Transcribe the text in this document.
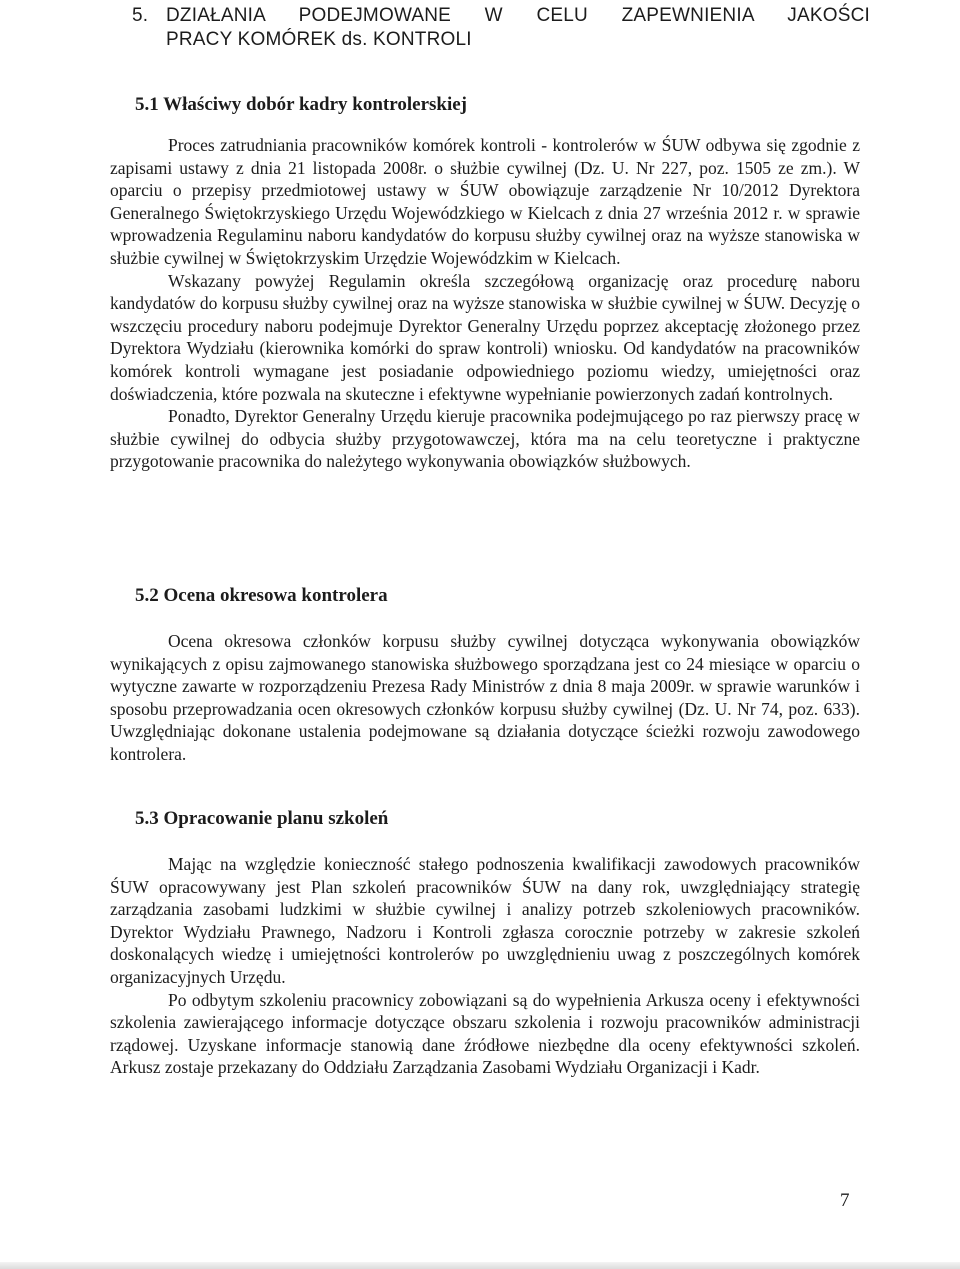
5. DZIAŁANIA PODEJMOWANE W CELU ZAPEWNIENIA JAKOŚCI
PRACY KOMÓREK ds. KONTROLI
5.1 Właściwy dobór kadry kontrolerskiej

Proces zatrudniania pracowników komórek kontroli - kontrolerów w ŚUW odbywa się zgodnie z zapisami ustawy z dnia 21 listopada 2008r. o służbie cywilnej (Dz. U. Nr 227, poz. 1505 ze zm.). W oparciu o przepisy przedmiotowej ustawy w ŚUW obowiązuje zarządzenie Nr 10/2012 Dyrektora Generalnego Świętokrzyskiego Urzędu Wojewódzkiego w Kielcach z dnia 27 września 2012 r. w sprawie wprowadzenia Regulaminu naboru kandydatów do korpusu służby cywilnej oraz na wyższe stanowiska w służbie cywilnej w Świętokrzyskim Urzędzie Wojewódzkim w Kielcach.

Wskazany powyżej Regulamin określa szczegółową organizację oraz procedurę naboru kandydatów do korpusu służby cywilnej oraz na wyższe stanowiska w służbie cywilnej w ŚUW. Decyzję o wszczęciu procedury naboru podejmuje Dyrektor Generalny Urzędu poprzez akceptację złożonego przez Dyrektora Wydziału (kierownika komórki do spraw kontroli) wniosku. Od kandydatów na pracowników komórek kontroli wymagane jest posiadanie odpowiedniego poziomu wiedzy, umiejętności oraz doświadczenia, które pozwala na skuteczne i efektywne wypełnianie powierzonych zadań kontrolnych.

Ponadto, Dyrektor Generalny Urzędu kieruje pracownika podejmującego po raz pierwszy pracę w służbie cywilnej do odbycia służby przygotowawczej, która ma na celu teoretyczne i praktyczne przygotowanie pracownika do należytego wykonywania obowiązków służbowych.

5.2 Ocena okresowa kontrolera

Ocena okresowa członków korpusu służby cywilnej dotycząca wykonywania obowiązków wynikających z opisu zajmowanego stanowiska służbowego sporządzana jest co 24 miesiące w oparciu o wytyczne zawarte w rozporządzeniu Prezesa Rady Ministrów z dnia 8 maja 2009r. w sprawie warunków i sposobu przeprowadzania ocen okresowych członków korpusu służby cywilnej (Dz. U. Nr 74, poz. 633). Uwzględniając dokonane ustalenia podejmowane są działania dotyczące ścieżki rozwoju zawodowego kontrolera.

5.3 Opracowanie planu szkoleń

Mając na względzie konieczność stałego podnoszenia kwalifikacji zawodowych pracowników ŚUW opracowywany jest Plan szkoleń pracowników ŚUW na dany rok, uwzględniający strategię zarządzania zasobami ludzkimi w służbie cywilnej i analizy potrzeb szkoleniowych pracowników. Dyrektor Wydziału Prawnego, Nadzoru i Kontroli zgłasza corocznie potrzeby w zakresie szkoleń doskonalących wiedzę i umiejętności kontrolerów po uwzględnieniu uwag z poszczególnych komórek organizacyjnych Urzędu.

Po odbytym szkoleniu pracownicy zobowiązani są do wypełnienia Arkusza oceny i efektywności szkolenia zawierającego informacje dotyczące obszaru szkolenia i rozwoju pracowników administracji rządowej. Uzyskane informacje stanowią dane źródłowe niezbędne dla oceny efektywności szkoleń. Arkusz zostaje przekazany do Oddziału Zarządzania Zasobami Wydziału Organizacji i Kadr.

7
